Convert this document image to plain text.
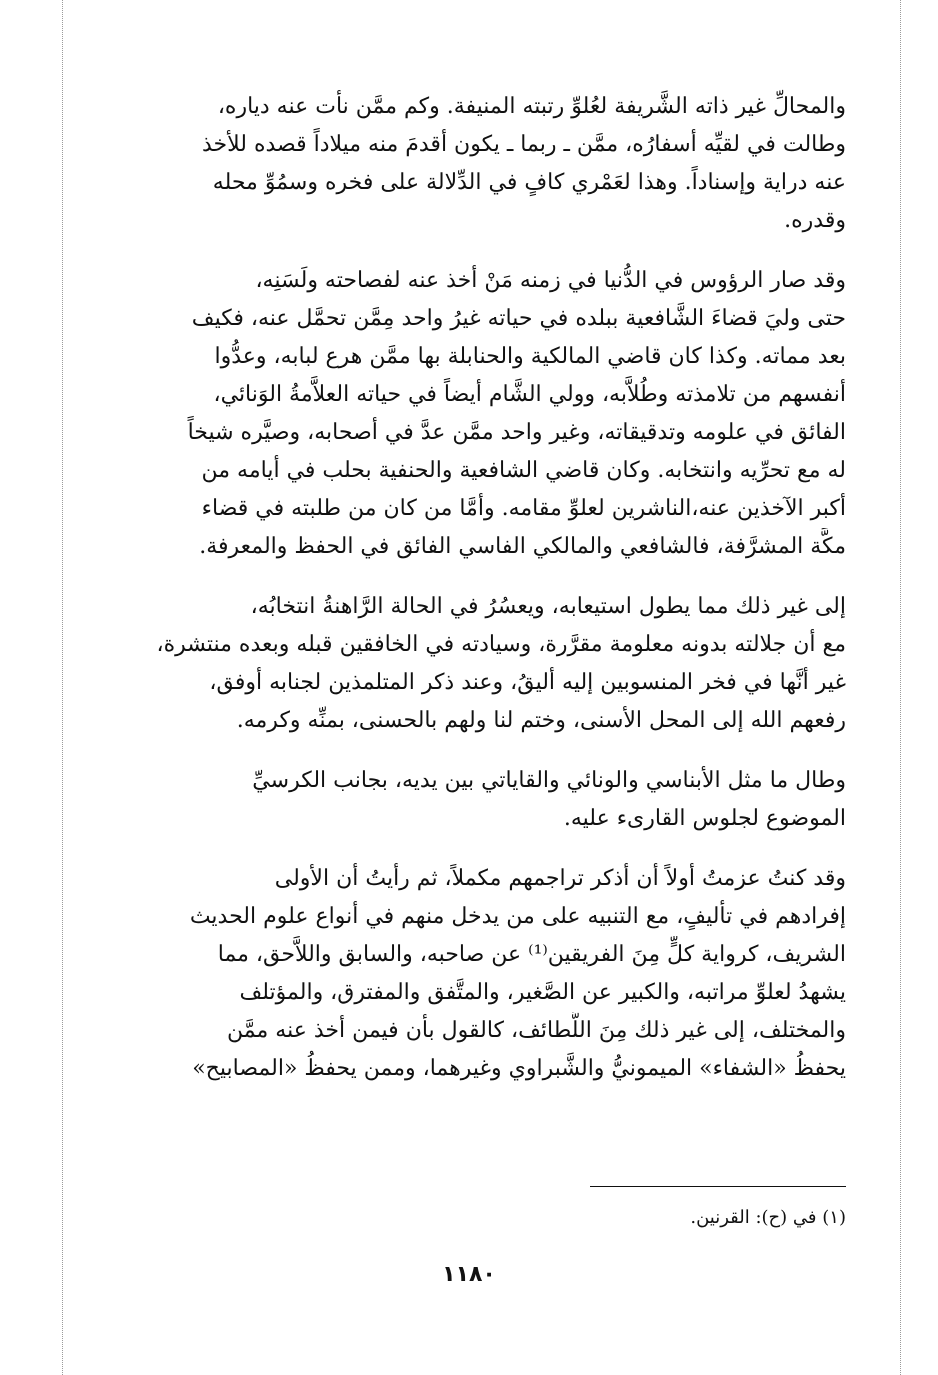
والمحالِّ غير ذاته الشَّريفة لعُلوِّ رتبته المنيفة. وكم ممَّن نأت عنه دياره،
وطالت في لقيِّه أسفارُه، ممَّن ـ ربما ـ يكون أقدمَ منه ميلاداً قصده للأخذ
عنه دراية وإسناداً. وهذا لعَمْري كافٍ في الدِّلالة على فخره وسمُوِّ محله
وقدره.
وقد صار الرؤوس في الدُّنيا في زمنه مَنْ أخذ عنه لفصاحته ولَسَنِه،
حتى وليَ قضاءَ الشَّافعية ببلده في حياته غيرُ واحد مِمَّن تحمَّل عنه، فكيف
بعد مماته. وكذا كان قاضي المالكية والحنابلة بها ممَّن هرع لبابه، وعدُّوا
أنفسهم من تلامذته وطُلاَّبه، وولي الشَّام أيضاً في حياته العلاَّمةُ الوَنائي،
الفائق في علومه وتدقيقاته، وغير واحد ممَّن عدَّ في أصحابه، وصيَّره شيخاً
له مع تحرِّيه وانتخابه. وكان قاضي الشافعية والحنفية بحلب في أيامه من
أكبر الآخذين عنه،الناشرين لعلوِّ مقامه. وأمَّا من كان من طلبته في قضاء
مكَّة المشرَّفة، فالشافعي والمالكي الفاسي الفائق في الحفظ والمعرفة.
إلى غير ذلك مما يطول استيعابه، ويعسُرُ في الحالة الرَّاهنةُ انتخابُه،
مع أن جلالته بدونه معلومة مقرَّرة، وسيادته في الخافقين قبله وبعده منتشرة،
غير أنَّها في فخر المنسوبين إليه أليقُ، وعند ذكر المتلمذين لجنابه أوفق،
رفعهم الله إلى المحل الأسنى، وختم لنا ولهم بالحسنى، بمنِّه وكرمه.
وطال ما مثل الأبناسي والونائي والقاياتي بين يديه، بجانب الكرسيِّ
الموضوع لجلوس القارىء عليه.
وقد كنتُ عزمتُ أولاً أن أذكر تراجمهم مكملاً، ثم رأيتُ أن الأولى
إفرادهم في تأليفٍ، مع التنبيه على من يدخل منهم في أنواع علوم الحديث
الشريف، كرواية كلٍّ مِنَ الفريقين⁽¹⁾ عن صاحبه، والسابق واللاَّحق، مما
يشهدُ لعلوِّ مراتبه، والكبير عن الصَّغير، والمتَّفق والمفترق، والمؤتلف
والمختلف، إلى غير ذلك مِنَ اللَّطائف، كالقول بأن فيمن أخذ عنه ممَّن
يحفظُ «الشفاء» الميمونيُّ والشَّبراوي وغيرهما، وممن يحفظُ «المصابيح»
(١) في (ح): القرنين.
١١٨٠
